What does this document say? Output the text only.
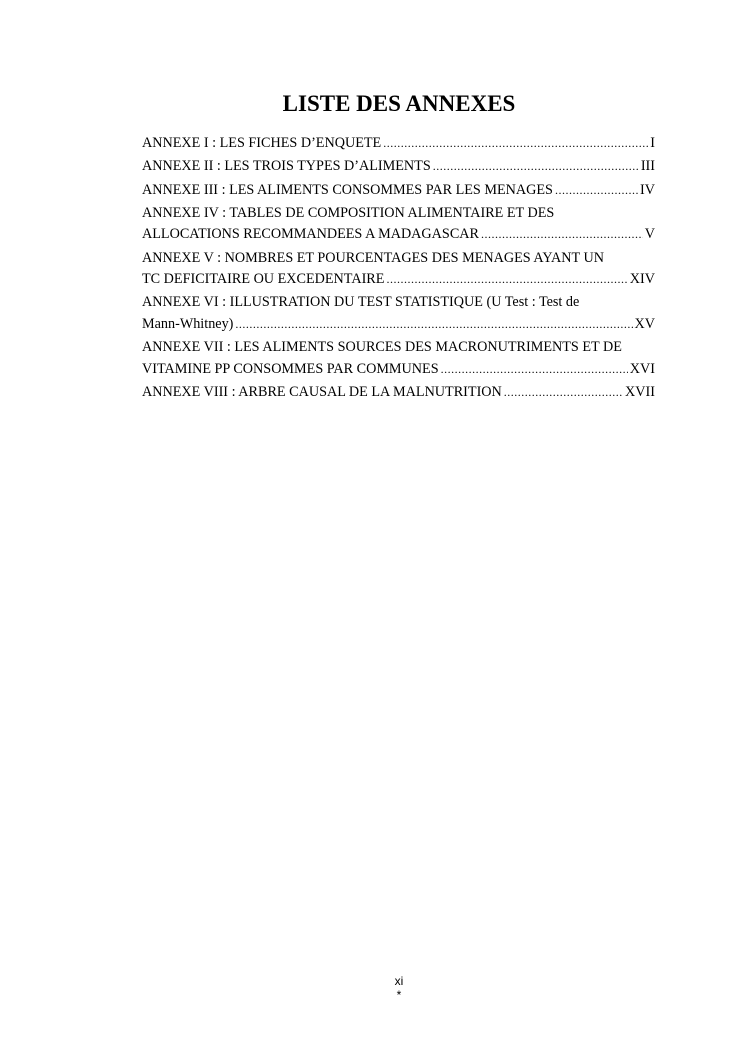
LISTE DES ANNEXES
ANNEXE I : LES FICHES D’ENQUETE .....	I
ANNEXE II : LES TROIS TYPES D’ALIMENTS .....	III
ANNEXE III : LES ALIMENTS CONSOMMES PAR LES MENAGES .....	IV
ANNEXE IV : TABLES DE COMPOSITION ALIMENTAIRE ET DES
ALLOCATIONS RECOMMANDEES A MADAGASCAR .....	V
ANNEXE V : NOMBRES ET POURCENTAGES DES MENAGES AYANT UN
TC DEFICITAIRE OU EXCEDENTAIRE .....	XIV
ANNEXE VI : ILLUSTRATION DU TEST STATISTIQUE (U Test : Test de
Mann-Whitney) .....	XV
ANNEXE VII : LES ALIMENTS SOURCES DES MACRONUTRIMENTS ET DE
VITAMINE PP CONSOMMES PAR COMMUNES .....	XVI
ANNEXE VIII : ARBRE CAUSAL DE LA MALNUTRITION .....	XVII
xi
*
